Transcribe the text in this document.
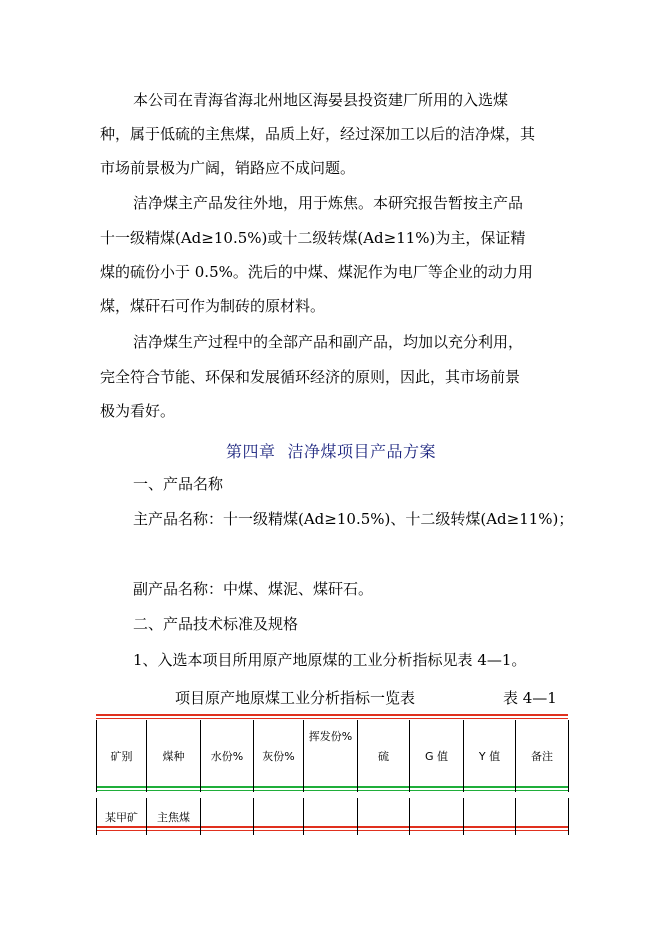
本公司在青海省海北州地区海晏县投资建厂所用的入选煤
种，属于低硫的主焦煤，品质上好，经过深加工以后的洁净煤，其
市场前景极为广阔，销路应不成问题。
洁净煤主产品发往外地，用于炼焦。本研究报告暂按主产品
十一级精煤(Ad≥10.5%)或十二级转煤(Ad≥11%)为主，保证精
煤的硫份小于 0.5%。洗后的中煤、煤泥作为电厂等企业的动力用
煤，煤矸石可作为制砖的原材料。
洁净煤生产过程中的全部产品和副产品，均加以充分利用，
完全符合节能、环保和发展循环经济的原则，因此，其市场前景
极为看好。
第四章 洁净煤项目产品方案
一、产品名称
主产品名称：十一级精煤(Ad≥10.5%)、十二级转煤(Ad≥11%)；
副产品名称：中煤、煤泥、煤矸石。
二、产品技术标准及规格
1、入选本项目所用原产地原煤的工业分析指标见表 4—1。
项目原产地原煤工业分析指标一览表	表 4—1
矿别	煤种	水份%	灰份%	挥发份%	硫	G 值	Y 值	备注

某甲矿	主焦煤							
